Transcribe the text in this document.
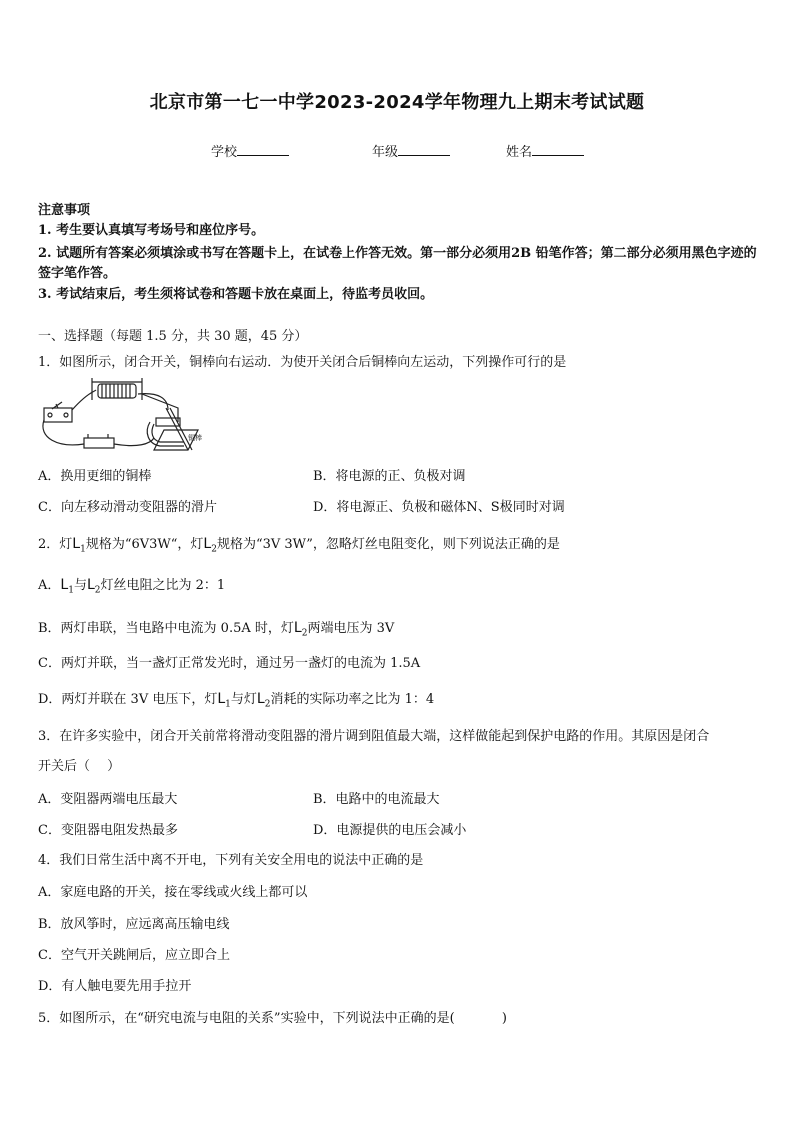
北京市第一七一中学2023-2024学年物理九上期末考试试题
学校	年级	姓名
注意事项
1. 考生要认真填写考场号和座位序号。
2. 试题所有答案必须填涂或书写在答题卡上，在试卷上作答无效。第一部分必须用2B 铅笔作答；第二部分必须用黑色字迹的签字笔作答。
3. 考试结束后，考生须将试卷和答题卡放在桌面上，待监考员收回。
一、选择题（每题 1.5 分，共 30 题，45 分）
1．如图所示，闭合开关，铜棒向右运动．为使开关闭合后铜棒向左运动，下列操作可行的是
铜棒
A．换用更细的铜棒	B．将电源的正、负极对调
C．向左移动滑动变阻器的滑片	D．将电源正、负极和磁体N、S极同时对调
2．灯$L_1$规格为“6V3W“，灯$L_2$规格为“3V 3W”，忽略灯丝电阻变化，则下列说法正确的是
A．$L_1$与$L_2$灯丝电阻之比为 2：1
B．两灯串联，当电路中电流为 0.5A 时，灯$L_2$两端电压为 3V
C．两灯并联，当一盏灯正常发光时，通过另一盏灯的电流为 1.5A
D．两灯并联在 3V 电压下，灯$L_1$与灯$L_2$消耗的实际功率之比为 1：4
3．在许多实验中，闭合开关前常将滑动变阻器的滑片调到阻值最大端，这样做能起到保护电路的作用。其原因是闭合
开关后（　 ）
A．变阻器两端电压最大	B．电路中的电流最大
C．变阻器电阻发热最多	D．电源提供的电压会减小
4．我们日常生活中离不开电，下列有关安全用电的说法中正确的是
A．家庭电路的开关，接在零线或火线上都可以
B．放风筝时，应远离高压输电线
C．空气开关跳闸后，应立即合上
D．有人触电要先用手拉开
5．如图所示，在“研究电流与电阻的关系”实验中，下列说法中正确的是(　 　 　)
